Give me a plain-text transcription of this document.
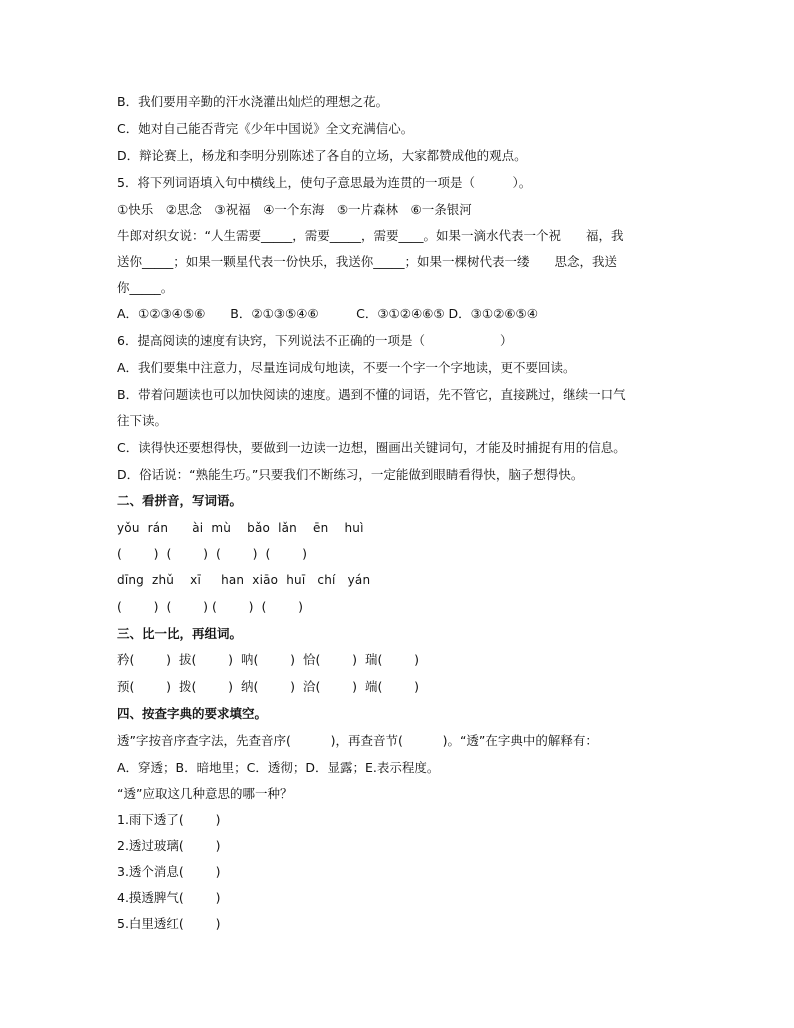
B．我们要用辛勤的汗水浇灌出灿烂的理想之花。
C．她对自己能否背完《少年中国说》全文充满信心。
D．辩论赛上，杨龙和李明分别陈述了各自的立场，大家都赞成他的观点。
5．将下列词语填入句中横线上，使句子意思最为连贯的一项是（　　　）。
①快乐　②思念　③祝福　④一个东海　⑤一片森林　⑥一条银河
牛郎对织女说：“人生需要_____，需要_____，需要____。如果一滴水代表一个祝　　福，我
送你_____；如果一颗星代表一份快乐，我送你_____；如果一棵树代表一缕　　思念，我送
你_____。
A．①②③④⑤⑥　　B．②①③⑤④⑥　　　C．③①②④⑥⑤ D．③①②⑥⑤④
6．提高阅读的速度有诀窍，下列说法不正确的一项是（　　　　　　）
A．我们要集中注意力，尽量连词成句地读，不要一个字一个字地读，更不要回读。
B．带着问题读也可以加快阅读的速度。遇到不懂的词语，先不管它，直接跳过，继续一口气
往下读。
C．读得快还要想得快，要做到一边读一边想，圈画出关键词句，才能及时捕捉有用的信息。
D．俗话说：“熟能生巧。”只要我们不断练习，一定能做到眼睛看得快，脑子想得快。
二、看拼音，写词语。
yǒu  rán      ài  mù    bǎo  lǎn    ēn    huì
(        )  (        )  (        )  (        )
dīng  zhǔ    xī     han  xiāo  huī   chí   yán
(        )  (        ) (        )  (        )
三、比一比，再组词。
矜(        )  拔(        )  呐(        )  恰(        )  瑞(        )
预(        )  拨(        )  纳(        )  洽(        )  端(        )
四、按查字典的要求填空。
透”字按音序查字法，先查音序(          )，再查音节(          )。“透”在字典中的解释有：
A．穿透；B．暗地里；C．透彻；D．显露；E.表示程度。
“透”应取这几种意思的哪一种？
1.雨下透了(        )
2.透过玻璃(        )
3.透个消息(        )
4.摸透脾气(        )
5.白里透红(        )
